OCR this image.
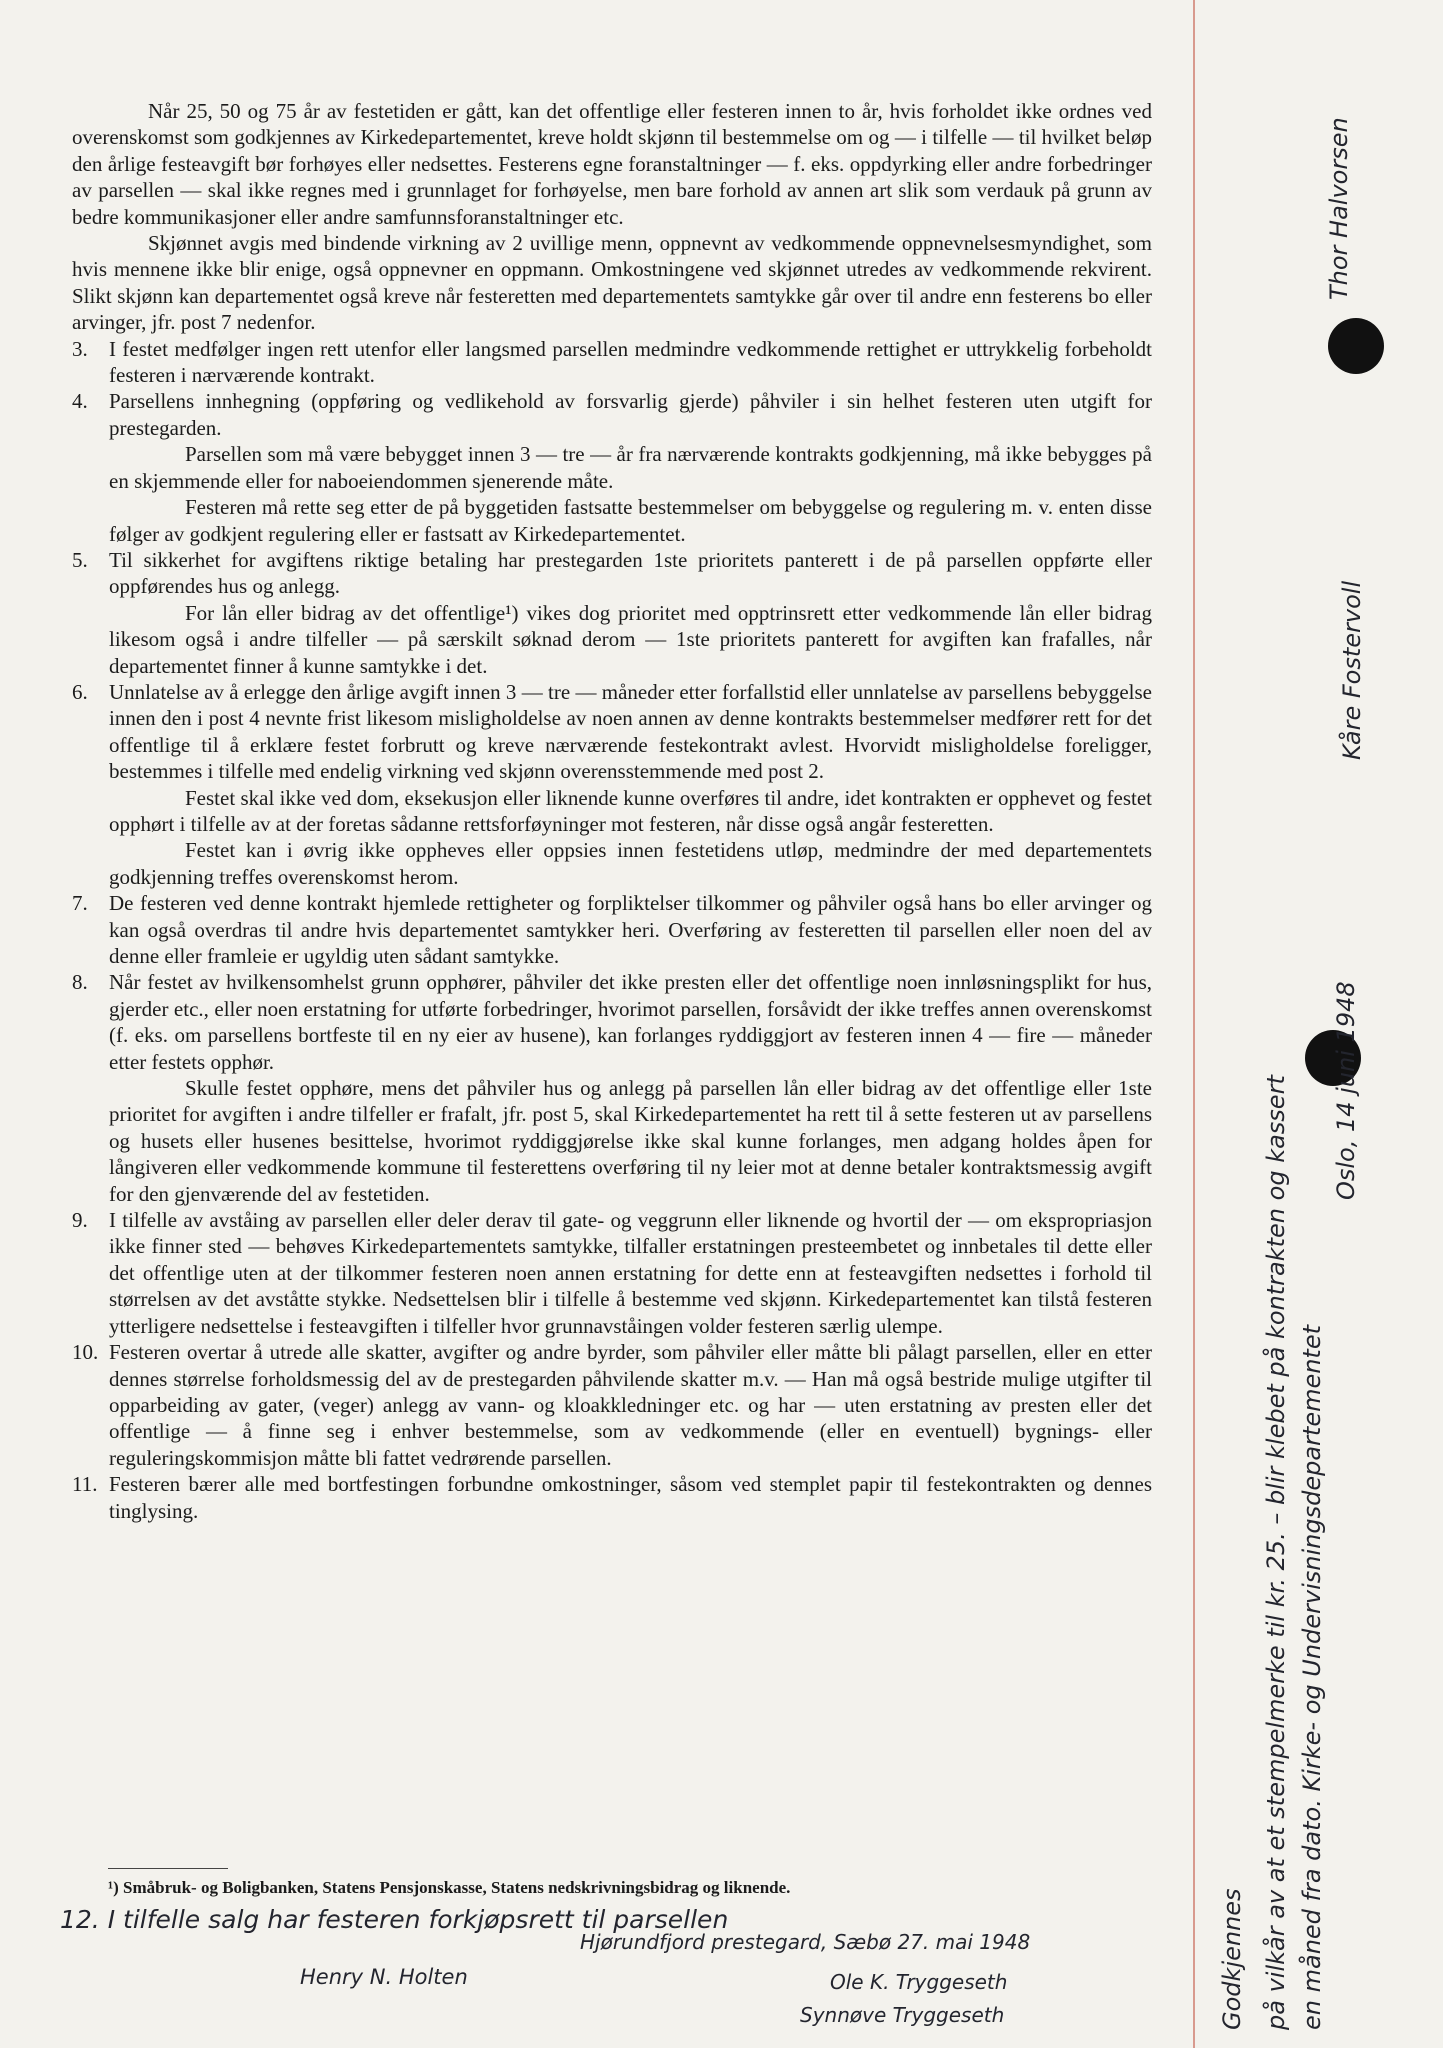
Når 25, 50 og 75 år av festetiden er gått, kan det offentlige eller festeren innen to år, hvis forholdet ikke ordnes ved overenskomst som godkjennes av Kirkedepartementet, kreve holdt skjønn til bestemmelse om og — i tilfelle — til hvilket beløp den årlige festeavgift bør forhøyes eller nedsettes. Festerens egne foranstaltninger — f. eks. oppdyrking eller andre forbedringer av parsellen — skal ikke regnes med i grunnlaget for forhøyelse, men bare forhold av annen art slik som verdauk på grunn av bedre kommunikasjoner eller andre samfunnsforanstaltninger etc.

Skjønnet avgis med bindende virkning av 2 uvillige menn, oppnevnt av vedkommende oppnevnelsesmyndighet, som hvis mennene ikke blir enige, også oppnevner en oppmann. Omkostningene ved skjønnet utredes av vedkommende rekvirent. Slikt skjønn kan departementet også kreve når festeretten med departementets samtykke går over til andre enn festerens bo eller arvinger, jfr. post 7 nedenfor.

3.	I festet medfølger ingen rett utenfor eller langsmed parsellen medmindre vedkommende rettighet er uttrykkelig forbeholdt festeren i nærværende kontrakt.

4.	Parsellens innhegning (oppføring og vedlikehold av forsvarlig gjerde) påhviler i sin helhet festeren uten utgift for prestegarden.

Parsellen som må være bebygget innen 3 — tre — år fra nærværende kontrakts godkjenning, må ikke bebygges på en skjemmende eller for naboeiendommen sjenerende måte.

Festeren må rette seg etter de på byggetiden fastsatte bestemmelser om bebyggelse og regulering m. v. enten disse følger av godkjent regulering eller er fastsatt av Kirkedepartementet.

5.	Til sikkerhet for avgiftens riktige betaling har prestegarden 1ste prioritets panterett i de på parsellen oppførte eller oppførendes hus og anlegg.

For lån eller bidrag av det offentlige¹) vikes dog prioritet med opptrinsrett etter vedkommende lån eller bidrag likesom også i andre tilfeller — på særskilt søknad derom — 1ste prioritets panterett for avgiften kan frafalles, når departementet finner å kunne samtykke i det.

6.	Unnlatelse av å erlegge den årlige avgift innen 3 — tre — måneder etter forfallstid eller unnlatelse av parsellens bebyggelse innen den i post 4 nevnte frist likesom misligholdelse av noen annen av denne kontrakts bestemmelser medfører rett for det offentlige til å erklære festet forbrutt og kreve nærværende festekontrakt avlest. Hvorvidt misligholdelse foreligger, bestemmes i tilfelle med endelig virkning ved skjønn overensstemmende med post 2.

Festet skal ikke ved dom, eksekusjon eller liknende kunne overføres til andre, idet kontrakten er opphevet og festet opphørt i tilfelle av at der foretas sådanne rettsforføyninger mot festeren, når disse også angår festeretten.

Festet kan i øvrig ikke oppheves eller oppsies innen festetidens utløp, medmindre der med departementets godkjenning treffes overenskomst herom.

7.	De festeren ved denne kontrakt hjemlede rettigheter og forpliktelser tilkommer og påhviler også hans bo eller arvinger og kan også overdras til andre hvis departementet samtykker heri. Overføring av festeretten til parsellen eller noen del av denne eller framleie er ugyldig uten sådant samtykke.

8.	Når festet av hvilkensomhelst grunn opphører, påhviler det ikke presten eller det offentlige noen innløsningsplikt for hus, gjerder etc., eller noen erstatning for utførte forbedringer, hvorimot parsellen, forsåvidt der ikke treffes annen overenskomst (f. eks. om parsellens bortfeste til en ny eier av husene), kan forlanges ryddiggjort av festeren innen 4 — fire — måneder etter festets opphør.

Skulle festet opphøre, mens det påhviler hus og anlegg på parsellen lån eller bidrag av det offentlige eller 1ste prioritet for avgiften i andre tilfeller er frafalt, jfr. post 5, skal Kirkedepartementet ha rett til å sette festeren ut av parsellens og husets eller husenes besittelse, hvorimot ryddiggjørelse ikke skal kunne forlanges, men adgang holdes åpen for långiveren eller vedkommende kommune til festerettens overføring til ny leier mot at denne betaler kontraktsmessig avgift for den gjenværende del av festetiden.

9.	I tilfelle av avståing av parsellen eller deler derav til gate- og veggrunn eller liknende og hvortil der — om ekspropriasjon ikke finner sted — behøves Kirkedepartementets samtykke, tilfaller erstatningen presteembetet og innbetales til dette eller det offentlige uten at der tilkommer festeren noen annen erstatning for dette enn at festeavgiften nedsettes i forhold til størrelsen av det avståtte stykke. Nedsettelsen blir i tilfelle å bestemme ved skjønn. Kirkedepartementet kan tilstå festeren ytterligere nedsettelse i festeavgiften i tilfeller hvor grunnavståingen volder festeren særlig ulempe.

10. Festeren overtar å utrede alle skatter, avgifter og andre byrder, som påhviler eller måtte bli pålagt parsellen, eller en etter dennes størrelse forholdsmessig del av de prestegarden påhvilende skatter m.v. — Han må også bestride mulige utgifter til opparbeiding av gater, (veger) anlegg av vann- og kloakkledninger etc. og har — uten erstatning av presten eller det offentlige — å finne seg i enhver bestemmelse, som av vedkommende (eller en eventuell) bygnings- eller reguleringskommisjon måtte bli fattet vedrørende parsellen.

11. Festeren bærer alle med bortfestingen forbundne omkostninger, såsom ved stemplet papir til festekontrakten og dennes tinglysing.

¹) Småbruk- og Boligbanken, Statens Pensjonskasse, Statens nedskrivningsbidrag og liknende.
12. I tilfelle salg har festeren forkjøpsrett til parsellen
Hjørundfjord prestegard, Sæbø 27. mai 1948
Henry N. Holten	Ole K. Tryggeseth
Synnøve Tryggeseth	Godkjennes på vilkår av at et stempelmerke til kr. 25. – blir klebet på kontrakten og kassert en måned fra dato. Kirke- og Undervisningsdepartementet
Oslo, 14 juni 1948
Kåre Fostervoll
Thor Halvorsen
